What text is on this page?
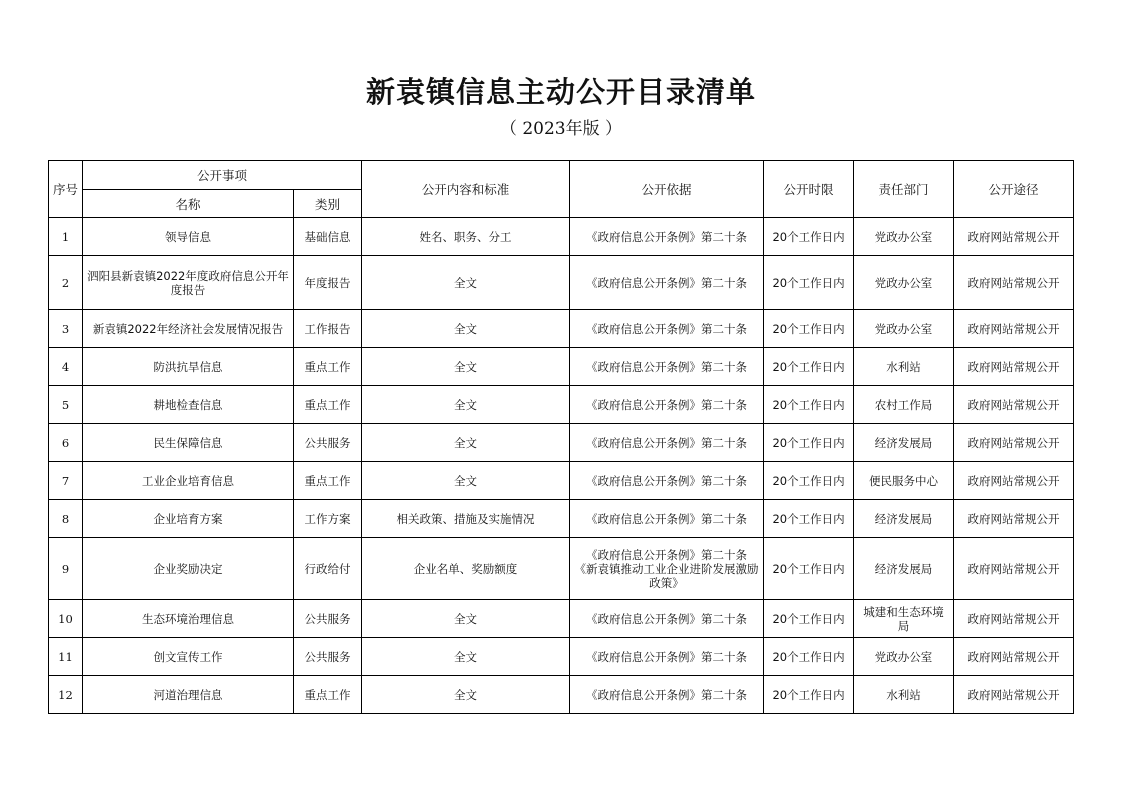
新袁镇信息主动公开目录清单
（ 2023年版 ）
序号	公开事项		公开内容和标准	公开依据	公开时限	责任部门	公开途径
	名称	类别					
1	领导信息	基础信息	姓名、职务、分工	《政府信息公开条例》第二十条	20个工作日内	党政办公室	政府网站常规公开
2	泗阳县新袁镇2022年度政府信息公开年度报告	年度报告	全文	《政府信息公开条例》第二十条	20个工作日内	党政办公室	政府网站常规公开
3	新袁镇2022年经济社会发展情况报告	工作报告	全文	《政府信息公开条例》第二十条	20个工作日内	党政办公室	政府网站常规公开
4	防洪抗旱信息	重点工作	全文	《政府信息公开条例》第二十条	20个工作日内	水利站	政府网站常规公开
5	耕地检查信息	重点工作	全文	《政府信息公开条例》第二十条	20个工作日内	农村工作局	政府网站常规公开
6	民生保障信息	公共服务	全文	《政府信息公开条例》第二十条	20个工作日内	经济发展局	政府网站常规公开
7	工业企业培育信息	重点工作	全文	《政府信息公开条例》第二十条	20个工作日内	便民服务中心	政府网站常规公开
8	企业培育方案	工作方案	相关政策、措施及实施情况	《政府信息公开条例》第二十条	20个工作日内	经济发展局	政府网站常规公开
9	企业奖励决定	行政给付	企业名单、奖励额度	《政府信息公开条例》第二十条 《新袁镇推动工业企业进阶发展激励政策》	20个工作日内	经济发展局	政府网站常规公开
10	生态环境治理信息	公共服务	全文	《政府信息公开条例》第二十条	20个工作日内	城建和生态环境局	政府网站常规公开
11	创文宣传工作	公共服务	全文	《政府信息公开条例》第二十条	20个工作日内	党政办公室	政府网站常规公开
12	河道治理信息	重点工作	全文	《政府信息公开条例》第二十条	20个工作日内	水利站	政府网站常规公开
